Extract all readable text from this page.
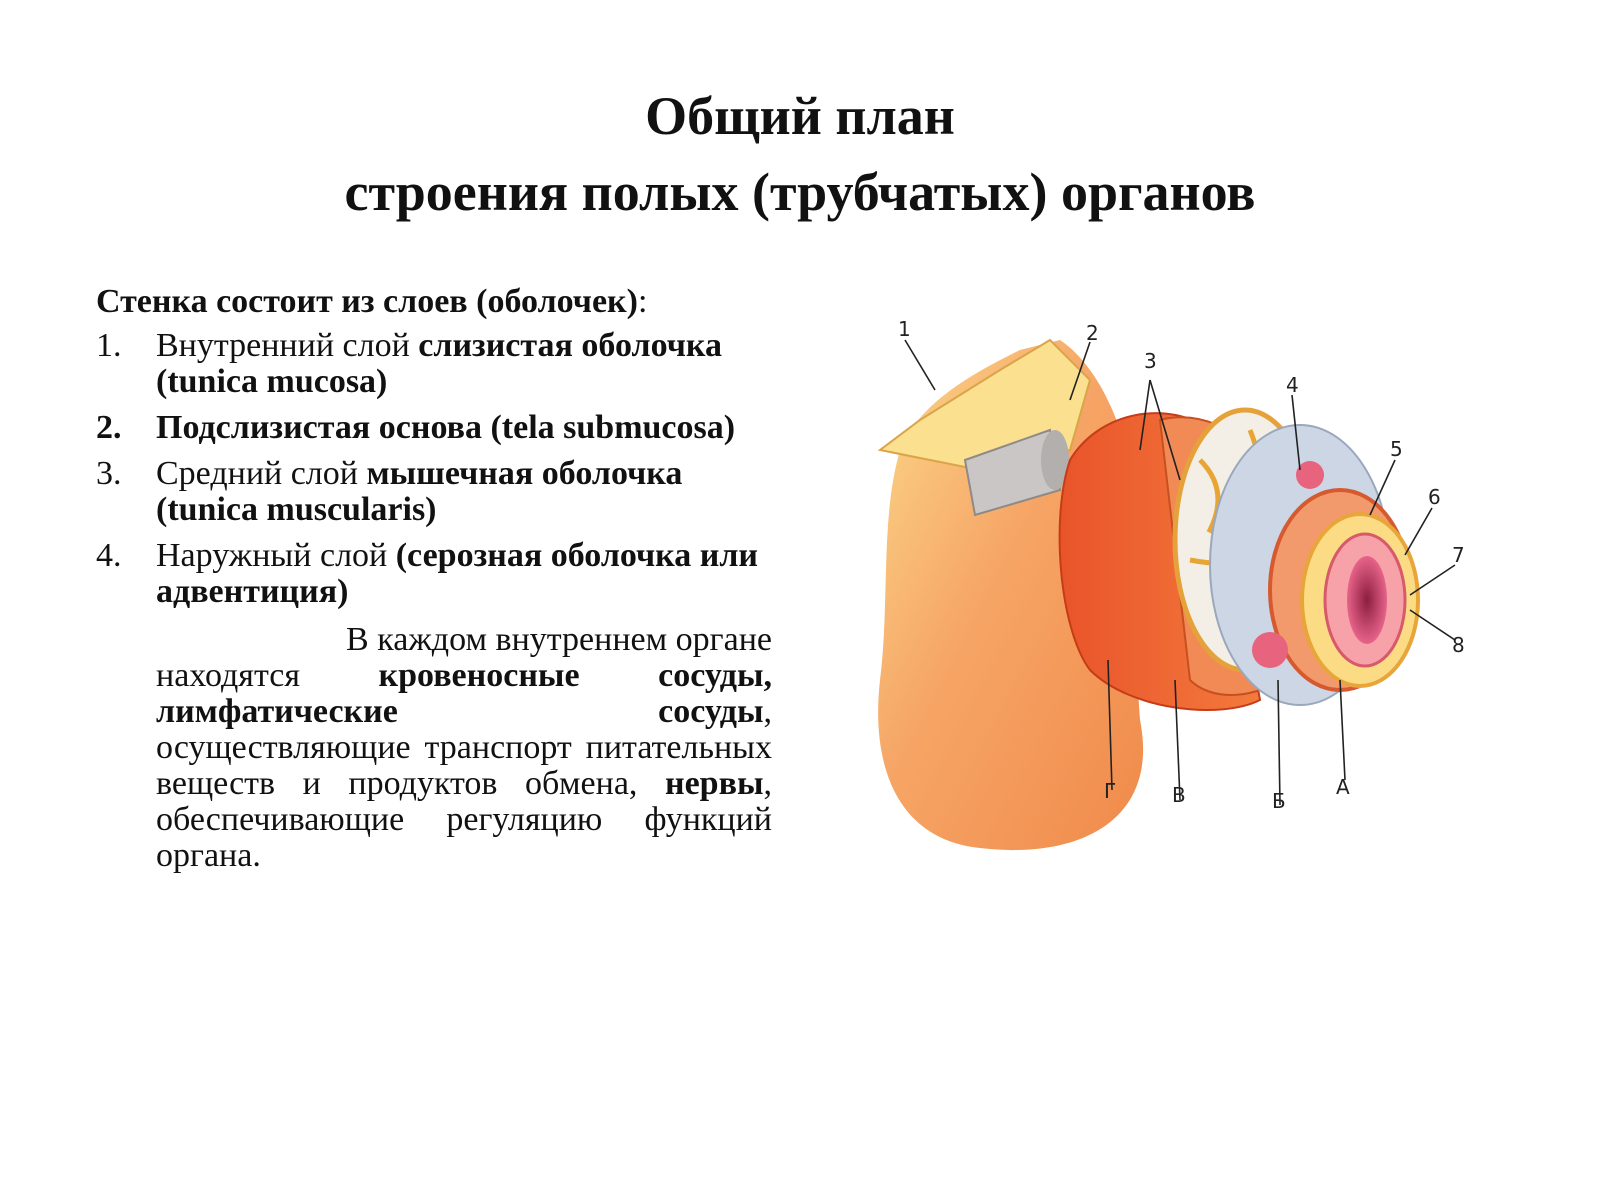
Общий план
строения полых (трубчатых) органов

Стенка состоит из слоев (оболочек):

1. Внутренний слой слизистая оболочка (tunica mucosa)
2. Подслизистая основа (tela submucosa)
3. Средний слой мышечная оболочка (tunica muscularis)
4. Наружный слой (серозная оболочка или адвентиция)

В каждом внутреннем органе находятся кровеносные сосуды, лимфатические сосуды, осуществляющие транспорт питательных веществ и продуктов обмена, нервы, обеспечивающие регуляцию функций органа.

1	2
3
4
5
6
7
8
Г	В	Б
А
